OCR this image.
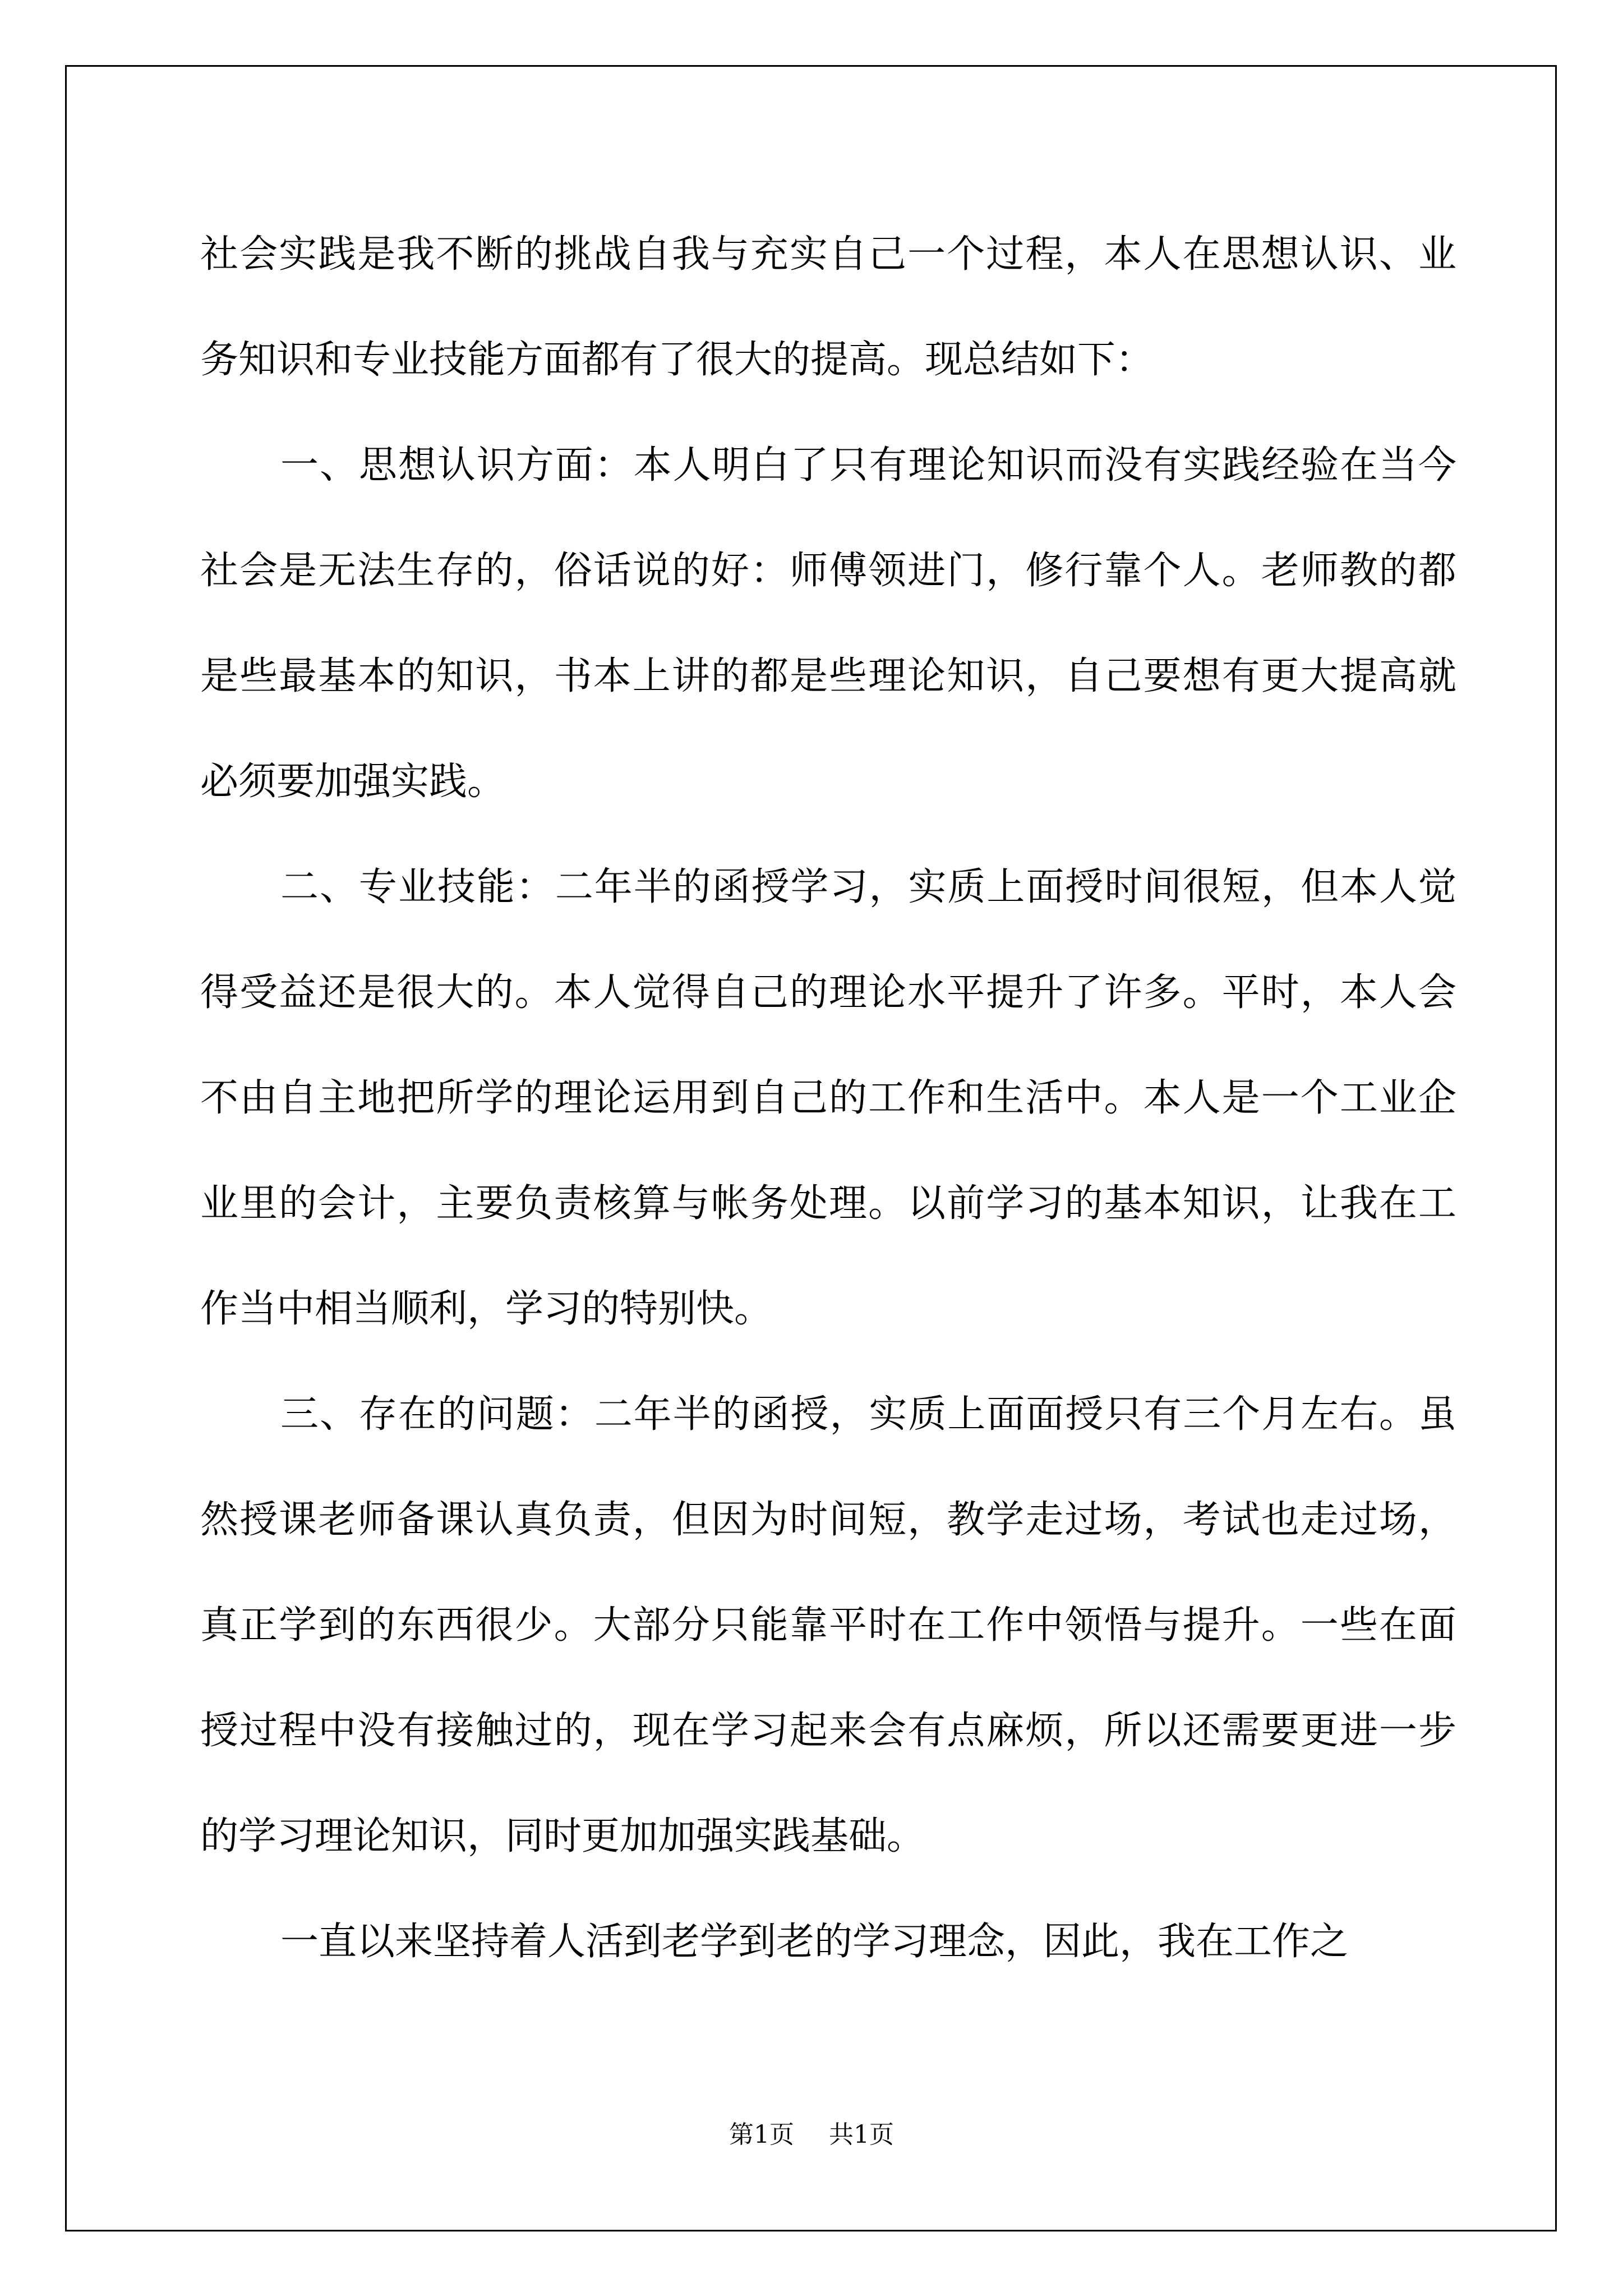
社会实践是我不断的挑战自我与充实自己一个过程，本人在思想认识、业务知识和专业技能方面都有了很大的提高。现总结如下：

一、思想认识方面：本人明白了只有理论知识而没有实践经验在当今社会是无法生存的，俗话说的好：师傅领进门，修行靠个人。老师教的都是些最基本的知识，书本上讲的都是些理论知识，自己要想有更大提高就必须要加强实践。

二、专业技能：二年半的函授学习，实质上面授时间很短，但本人觉得受益还是很大的。本人觉得自己的理论水平提升了许多。平时，本人会不由自主地把所学的理论运用到自己的工作和生活中。本人是一个工业企业里的会计，主要负责核算与帐务处理。以前学习的基本知识，让我在工作当中相当顺利，学习的特别快。

三、存在的问题：二年半的函授，实质上面面授只有三个月左右。虽然授课老师备课认真负责，但因为时间短，教学走过场，考试也走过场，真正学到的东西很少。大部分只能靠平时在工作中领悟与提升。一些在面授过程中没有接触过的，现在学习起来会有点麻烦，所以还需要更进一步的学习理论知识，同时更加加强实践基础。

一直以来坚持着人活到老学到老的学习理念，因此，我在工作之

第1页 共1页
